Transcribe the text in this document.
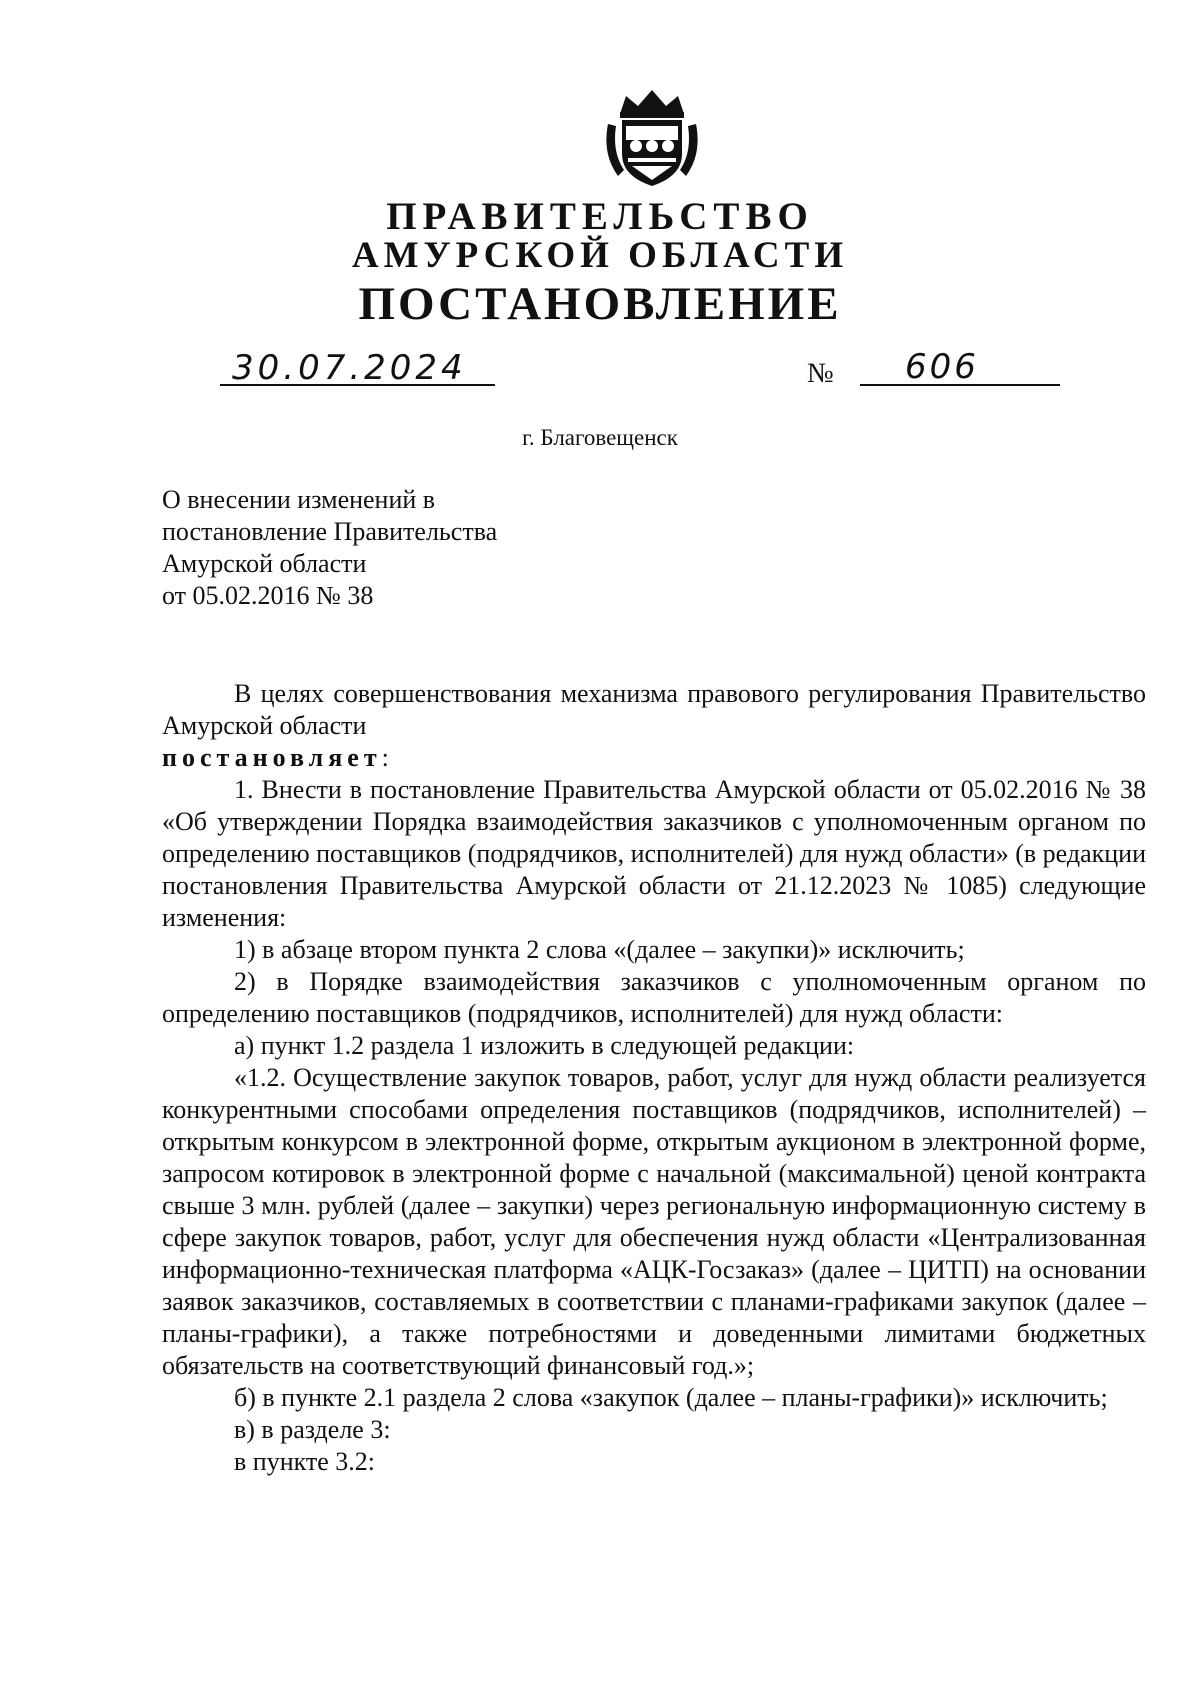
ПРАВИТЕЛЬСТВО
АМУРСКОЙ ОБЛАСТИ
ПОСТАНОВЛЕНИЕ
30.07.2024	№ 606
г. Благовещенск
О внесении изменений в
постановление Правительства
Амурской области
от 05.02.2016 № 38

В целях совершенствования механизма правового регулирования Правительство Амурской области

постановляет:

1. Внести в постановление Правительства Амурской области от 05.02.2016 № 38 «Об утверждении Порядка взаимодействия заказчиков с уполномоченным органом по определению поставщиков (подрядчиков, исполнителей) для нужд области» (в редакции постановления Правительства Амурской области от 21.12.2023 № 1085) следующие изменения:

1) в абзаце втором пункта 2 слова «(далее – закупки)» исключить;

2) в Порядке взаимодействия заказчиков с уполномоченным органом по определению поставщиков (подрядчиков, исполнителей) для нужд области:

а) пункт 1.2 раздела 1 изложить в следующей редакции:

«1.2. Осуществление закупок товаров, работ, услуг для нужд области реализуется конкурентными способами определения поставщиков (подрядчиков, исполнителей) – открытым конкурсом в электронной форме, открытым аукционом в электронной форме, запросом котировок в электронной форме с начальной (максимальной) ценой контракта свыше 3 млн. рублей (далее – закупки) через региональную информационную систему в сфере закупок товаров, работ, услуг для обеспечения нужд области «Централизованная информационно-техническая платформа «АЦК-Госзаказ» (далее – ЦИТП) на основании заявок заказчиков, составляемых в соответствии с планами-графиками закупок (далее – планы-графики), а также потребностями и доведенными лимитами бюджетных обязательств на соответствующий финансовый год.»;

б) в пункте 2.1 раздела 2 слова «закупок (далее – планы-графики)» исключить;

в) в разделе 3:

в пункте 3.2:
